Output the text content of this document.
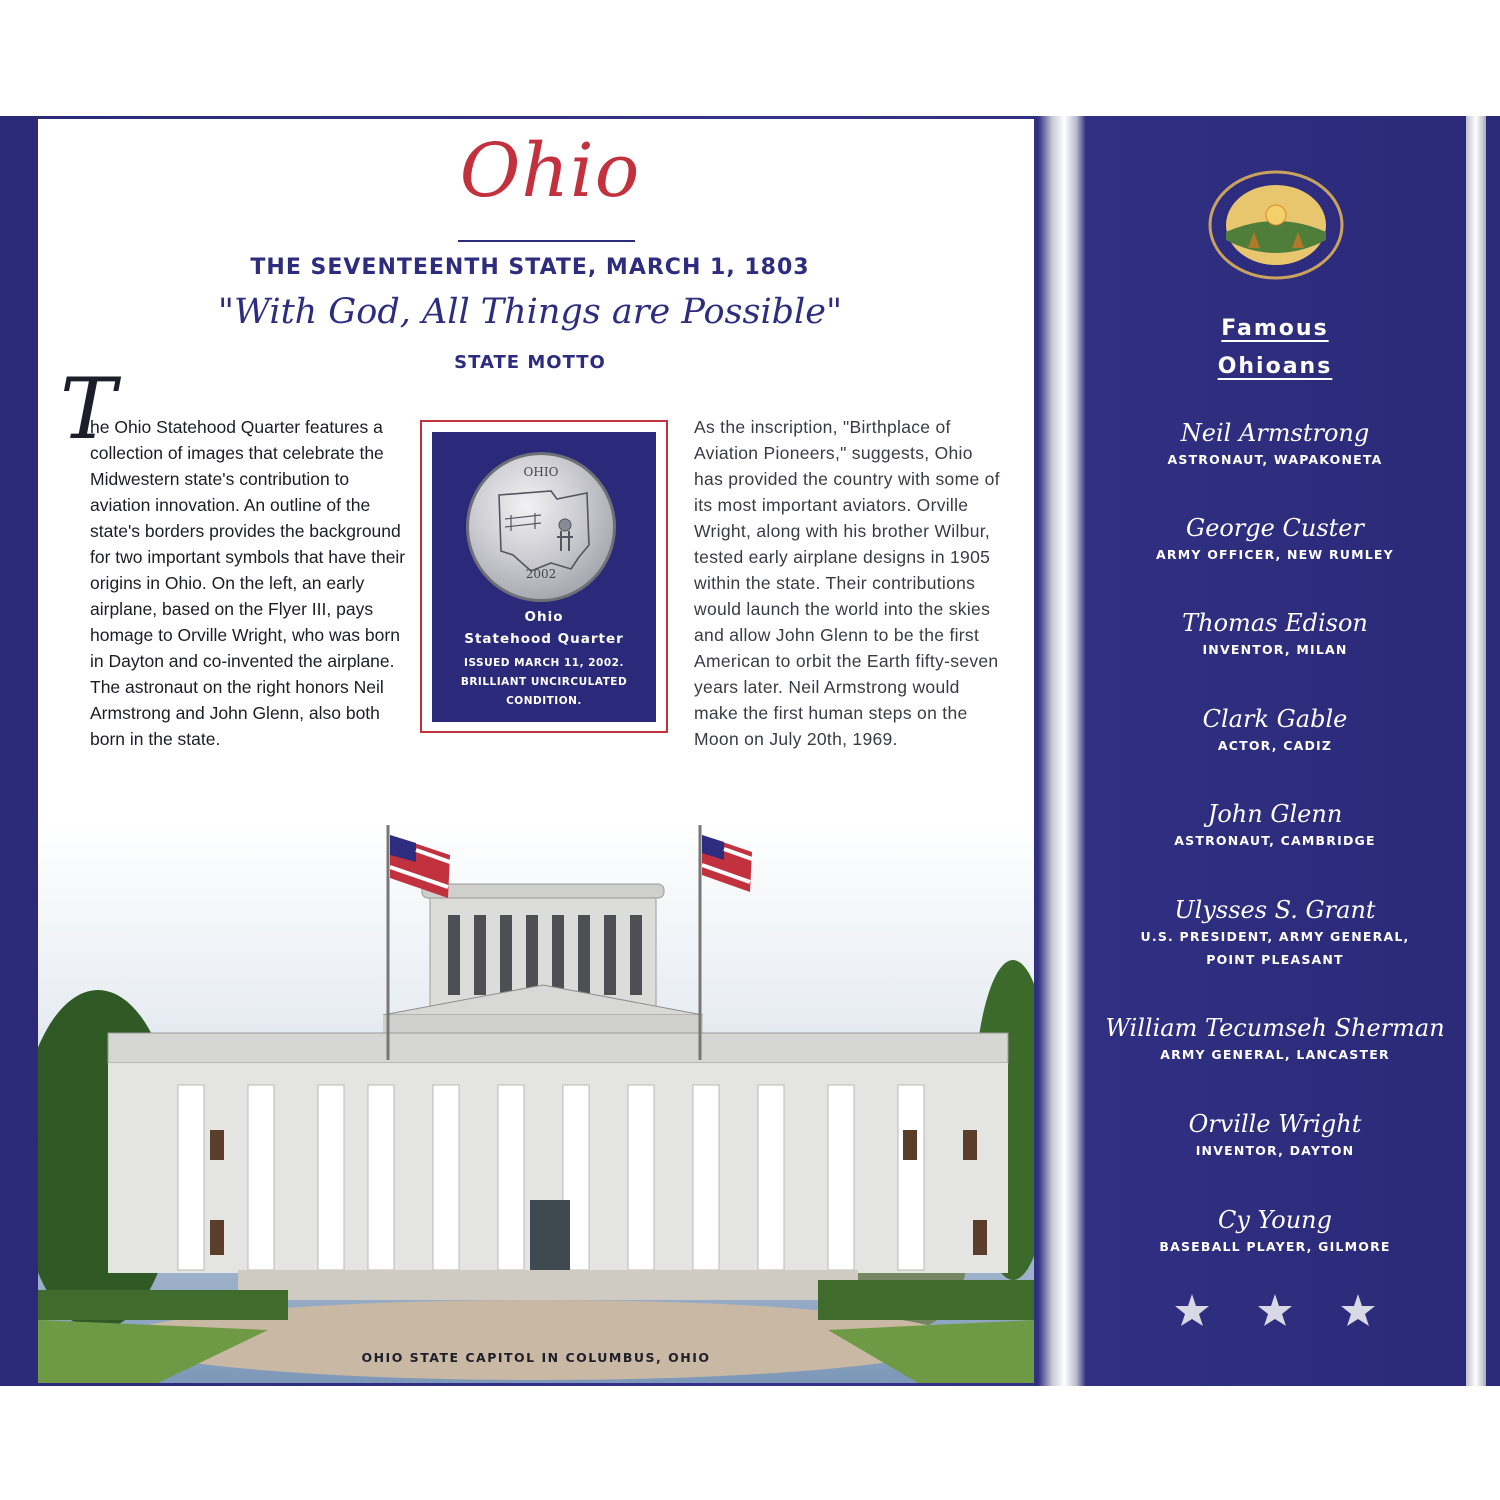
Ohio
THE SEVENTEENTH STATE, MARCH 1, 1803
"With God, All Things are Possible"
STATE MOTTO
T
he Ohio Statehood Quarter features a collection of images that celebrate the Midwestern state's contribution to aviation innovation. An outline of the state's borders provides the background for two important symbols that have their origins in Ohio. On the left, an early airplane, based on the Flyer III, pays homage to Orville Wright, who was born in Dayton and co-invented the airplane. The astronaut on the right honors Neil Armstrong and John Glenn, also both born in the state.
OHIO
2002
Ohio
Statehood Quarter
ISSUED MARCH 11, 2002.
BRILLIANT UNCIRCULATED
CONDITION.
As the inscription, "Birthplace of Aviation Pioneers," suggests, Ohio has provided the country with some of its most important aviators. Orville Wright, along with his brother Wilbur, tested early airplane designs in 1905 within the state. Their contributions would launch the world into the skies and allow John Glenn to be the first American to orbit the Earth fifty-seven years later. Neil Armstrong would make the first human steps on the Moon on July 20th, 1969.
OHIO STATE CAPITOL IN COLUMBUS, OHIO
Famous
Ohioans
Neil Armstrong
ASTRONAUT, WAPAKONETA
George Custer
ARMY OFFICER, NEW RUMLEY
Thomas Edison
INVENTOR, MILAN
Clark Gable
ACTOR, CADIZ
John Glenn
ASTRONAUT, CAMBRIDGE
Ulysses S. Grant
U.S. PRESIDENT, ARMY GENERAL,
POINT PLEASANT
William Tecumseh Sherman
ARMY GENERAL, LANCASTER
Orville Wright
INVENTOR, DAYTON
Cy Young
BASEBALL PLAYER, GILMORE
